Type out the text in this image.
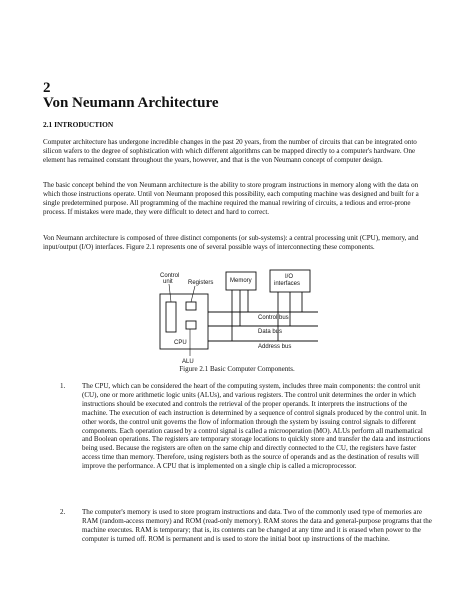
2
Von Neumann Architecture
2.1 INTRODUCTION
Computer architecture has undergone incredible changes in the past 20 years, from the number of circuits that can be integrated onto silicon wafers to the degree of sophistication with which different algorithms can be mapped directly to a computer's hardware. One element has remained constant throughout the years, however, and that is the von Neumann concept of computer design.
The basic concept behind the von Neumann architecture is the ability to store program instructions in memory along with the data on which those instructions operate. Until von Neumann proposed this possibility, each computing machine was designed and built for a single predetermined purpose. All programming of the machine required the manual rewiring of circuits, a tedious and error-prone process. If mistakes were made, they were difficult to detect and hard to correct.
Von Neumann architecture is composed of three distinct components (or sub-systems): a central processing unit (CPU), memory, and input/output (I/O) interfaces. Figure 2.1 represents one of several possible ways of interconnecting these components.
Control
unit	Registers	Memory
I/O
interfaces
Control bus
Data bus
Address bus
CPU
ALU
Figure 2.1 Basic Computer Components.
1. The CPU, which can be considered the heart of the computing system, includes three main components: the control unit (CU), one or more arithmetic logic units (ALUs), and various registers. The control unit determines the order in which instructions should be executed and controls the retrieval of the proper operands. It interprets the instructions of the machine. The execution of each instruction is determined by a sequence of control signals produced by the control unit. In other words, the control unit governs the flow of information through the system by issuing control signals to different components. Each operation caused by a control signal is called a microoperation (MO). ALUs perform all mathematical and Boolean operations. The registers are temporary storage locations to quickly store and transfer the data and instructions being used. Because the registers are often on the same chip and directly connected to the CU, the registers have faster access time than memory. Therefore, using registers both as the source of operands and as the destination of results will improve the performance. A CPU that is implemented on a single chip is called a microprocessor.
2. The computer's memory is used to store program instructions and data. Two of the commonly used type of memories are RAM (random-access memory) and ROM (read-only memory). RAM stores the data and general-purpose programs that the machine executes. RAM is temporary; that is, its contents can be changed at any time and it is erased when power to the computer is turned off. ROM is permanent and is used to store the initial boot up instructions of the machine.
